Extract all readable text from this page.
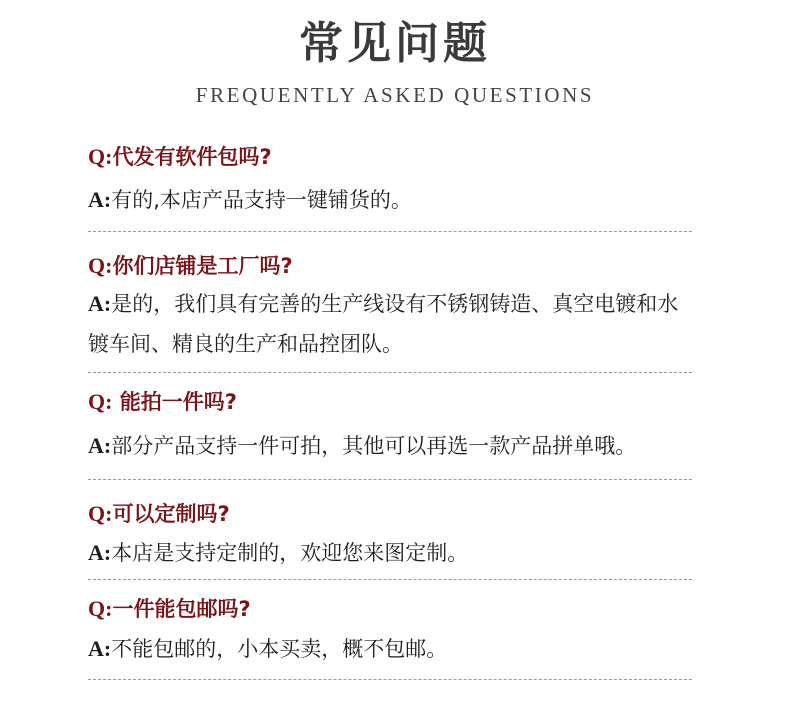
常见问题
FREQUENTLY ASKED QUESTIONS
Q:代发有软件包吗?
A:有的,本店产品支持一键铺货的。
Q:你们店铺是工厂吗?
A:是的，我们具有完善的生产线设有不锈钢铸造、真空电镀和水镀车间、精良的生产和品控团队。
Q: 能拍一件吗?
A:部分产品支持一件可拍，其他可以再选一款产品拼单哦。
Q:可以定制吗?
A:本店是支持定制的，欢迎您来图定制。
Q:一件能包邮吗?
A:不能包邮的，小本买卖，概不包邮。
